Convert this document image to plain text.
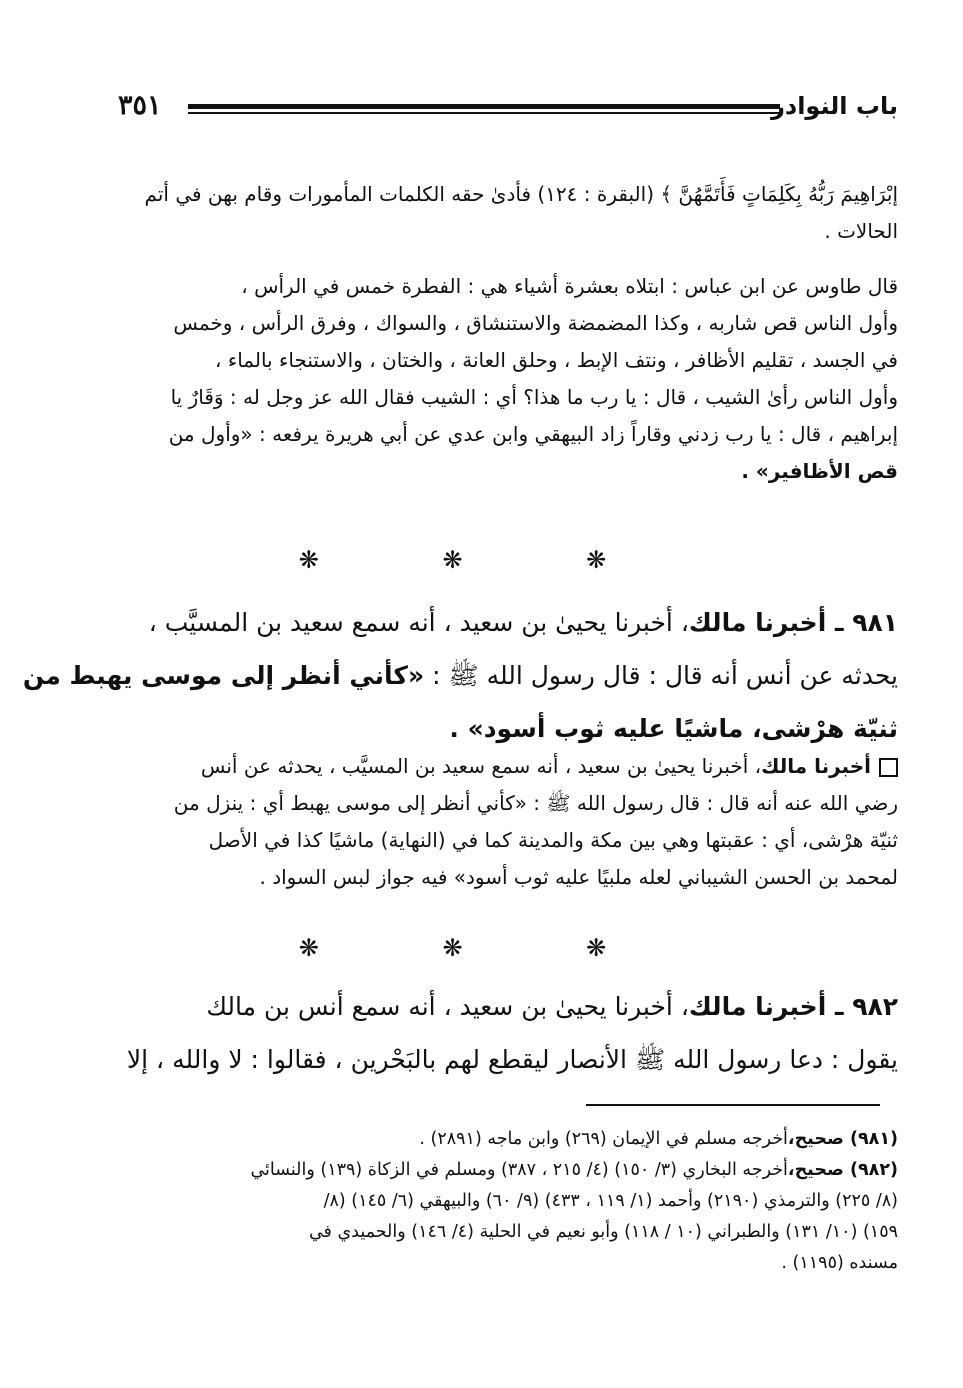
٣٥١	باب النوادر
إبْرَاهِيمَ رَبُّهُ بِكَلِمَاتٍ فَأَتَمَّهُنَّ ﴾ (البقرة : ١٢٤) فأدىٰ حقه الكلمات المأمورات وقام بهن في أتم
الحالات .
قال طاوس عن ابن عباس : ابتلاه بعشرة أشياء هي : الفطرة خمس في الرأس ،
وأول الناس قص شاربه ، وكذا المضمضة والاستنشاق ، والسواك ، وفرق الرأس ، وخمس
في الجسد ، تقليم الأظافر ، ونتف الإبط ، وحلق العانة ، والختان ، والاستنجاء بالماء ،
وأول الناس رأىٰ الشيب ، قال : يا رب ما هذا؟ أي : الشيب فقال الله عز وجل له : وَقَارٌ يا
إبراهيم ، قال : يا رب زدني وقاراً زاد البيهقي وابن عدي عن أبي هريرة يرفعه : «وأول من
قص الأظافير» .
❋ ❋ ❋
٩٨١ ـ أخبرنا مالك، أخبرنا يحيىٰ بن سعيد ، أنه سمع سعيد بن المسيَّب ،
يحدثه عن أنس أنه قال : قال رسول الله ﷺ : «كأني أنظر إلى موسى يهبط من
ثنيّة هرْشى، ماشيًا عليه ثوب أسود» .
أخبرنا مالك، أخبرنا يحيىٰ بن سعيد ، أنه سمع سعيد بن المسيَّب ، يحدثه عن أنس
رضي الله عنه أنه قال : قال رسول الله ﷺ : «كأني أنظر إلى موسى يهبط أي : ينزل من
ثنيّة هرْشى، أي : عقبتها وهي بين مكة والمدينة كما في (النهاية) ماشيًا كذا في الأصل
لمحمد بن الحسن الشيباني لعله ملبيًا عليه ثوب أسود» فيه جواز لبس السواد .
❋ ❋ ❋
٩٨٢ ـ أخبرنا مالك، أخبرنا يحيىٰ بن سعيد ، أنه سمع أنس بن مالك
يقول : دعا رسول الله ﷺ الأنصار ليقطع لهم بالبَحْرين ، فقالوا : لا والله ، إلا
(٩٨١) صحيح،أخرجه مسلم في الإيمان (٢٦٩) وابن ماجه (٢٨٩١) .
(٩٨٢) صحيح،أخرجه البخاري (٣/ ١٥٠) (٤/ ٢١٥ ، ٣٨٧) ومسلم في الزكاة (١٣٩) والنسائي
(٨/ ٢٢٥) والترمذي (٢١٩٠) وأحمد (١/ ١١٩ ، ٤٣٣) (٩/ ٦٠) والبيهقي (٦/ ١٤٥) (٨/
١٥٩) (١٠/ ١٣١) والطبراني (١٠ / ١١٨) وأبو نعيم في الحلية (٤/ ١٤٦) والحميدي في
مسنده (١١٩٥) .
